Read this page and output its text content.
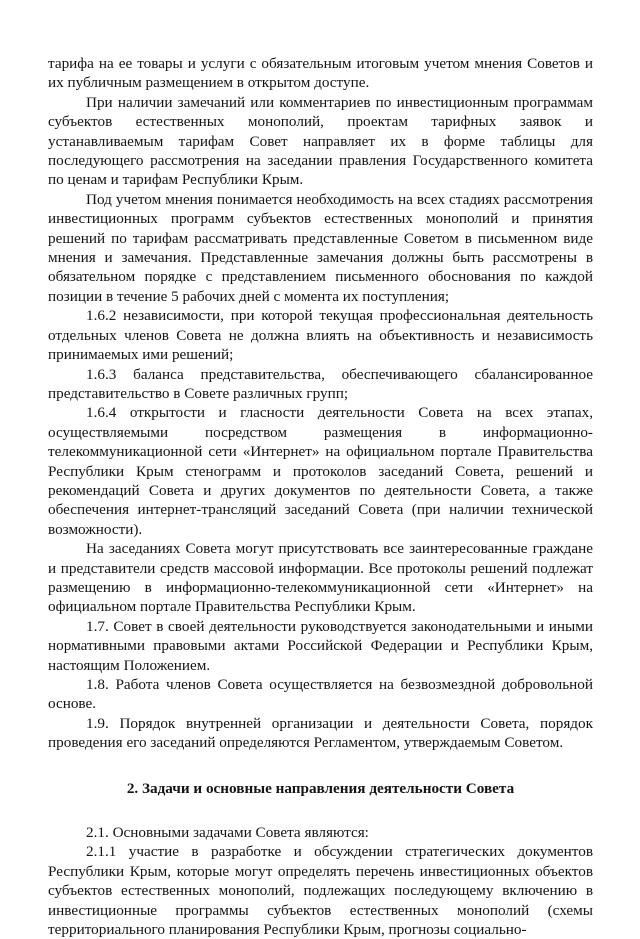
тарифа на ее товары и услуги с обязательным итоговым учетом мнения Советов и их публичным размещением в открытом доступе.

При наличии замечаний или комментариев по инвестиционным программам субъектов естественных монополий, проектам тарифных заявок и устанавливаемым тарифам Совет направляет их в форме таблицы для последующего рассмотрения на заседании правления Государственного комитета по ценам и тарифам Республики Крым.

Под учетом мнения понимается необходимость на всех стадиях рассмотрения инвестиционных программ субъектов естественных монополий и принятия решений по тарифам рассматривать представленные Советом в письменном виде мнения и замечания. Представленные замечания должны быть рассмотрены в обязательном порядке с представлением письменного обоснования по каждой позиции в течение 5 рабочих дней с момента их поступления;

1.6.2 независимости, при которой текущая профессиональная деятельность отдельных членов Совета не должна влиять на объективность и независимость принимаемых ими решений;

1.6.3 баланса представительства, обеспечивающего сбалансированное представительство в Совете различных групп;

1.6.4 открытости и гласности деятельности Совета на всех этапах, осуществляемыми посредством размещения в информационно-телекоммуникационной сети «Интернет» на официальном портале Правительства Республики Крым стенограмм и протоколов заседаний Совета, решений и рекомендаций Совета и других документов по деятельности Совета, а также обеспечения интернет-трансляций заседаний Совета (при наличии технической возможности).

На заседаниях Совета могут присутствовать все заинтересованные граждане и представители средств массовой информации. Все протоколы решений подлежат размещению в информационно-телекоммуникационной сети «Интернет» на официальном портале Правительства Республики Крым.

1.7. Совет в своей деятельности руководствуется законодательными и иными нормативными правовыми актами Российской Федерации и Республики Крым, настоящим Положением.

1.8. Работа членов Совета осуществляется на безвозмездной добровольной основе.

1.9. Порядок внутренней организации и деятельности Совета, порядок проведения его заседаний определяются Регламентом, утверждаемым Советом.

2. Задачи и основные направления деятельности Совета

2.1. Основными задачами Совета являются:

2.1.1 участие в разработке и обсуждении стратегических документов Республики Крым, которые могут определять перечень инвестиционных объектов субъектов естественных монополий, подлежащих последующему включению в инвестиционные программы субъектов естественных монополий (схемы территориального планирования Республики Крым, прогнозы социально-
